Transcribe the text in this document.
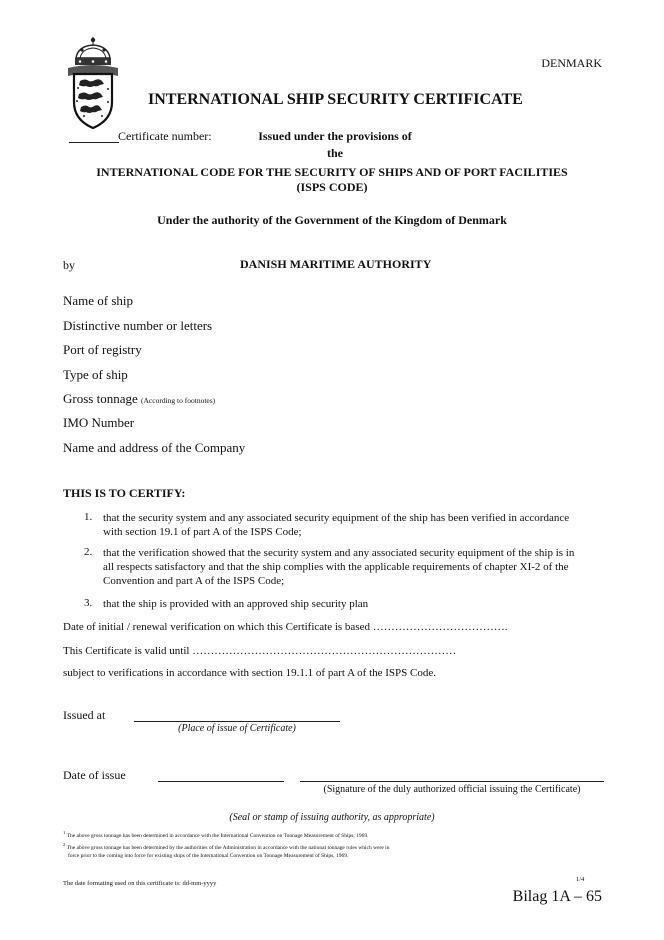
DENMARK
INTERNATIONAL SHIP SECURITY CERTIFICATE
Certificate number:	Issued under the provisions of
the
INTERNATIONAL CODE FOR THE SECURITY OF SHIPS AND OF PORT FACILITIES
(ISPS CODE)
Under the authority of the Government of the Kingdom of Denmark
by	DANISH MARITIME AUTHORITY
Name of ship
Distinctive number or letters
Port of registry
Type of ship
Gross tonnage (According to footnotes)
IMO Number
Name and address of the Company
THIS IS TO CERTIFY:
1. that the security system and any associated security equipment of the ship has been verified in accordance with section 19.1 of part A of the ISPS Code;
2. that the verification showed that the security system and any associated security equipment of the ship is in all respects satisfactory and that the ship complies with the applicable requirements of chapter XI-2 of the Convention and part A of the ISPS Code;
3. that the ship is provided with an approved ship security plan
Date of initial / renewal verification on which this Certificate is based ……………………………….
This Certificate is valid until ………………………………………………………………
subject to verifications in accordance with section 19.1.1 of part A of the ISPS Code.
Issued at
(Place of issue of Certificate)
Date of issue
(Signature of the duly authorized official issuing the Certificate)
(Seal or stamp of issuing authority, as appropriate)
$^1$ The above gross tonnage has been determined in accordance with the International Convention on Tonnage Measurement of Ships, 1969.
$^2$ The above gross tonnage has been determined by the authorities of the Administration in accordance with the national tonnage rules which were in
force prior to the coming into force for existing ships of the International Convention on Tonnage Measurement of Ships, 1969.
The date formating used on this certificate is: dd-mm-yyyy
1/4
Bilag 1A – 65
